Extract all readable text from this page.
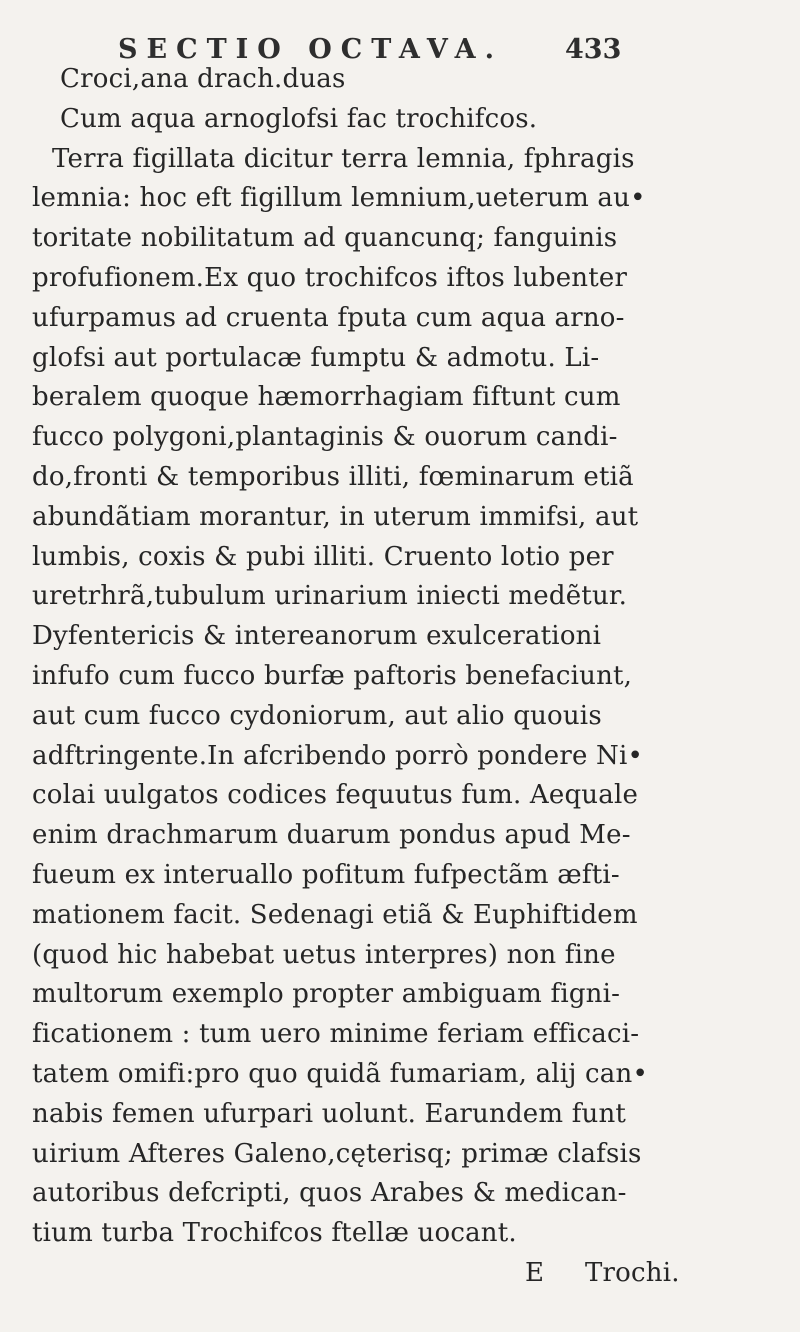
SECTIO OCTAVA. 433
Croci,ana drach.duas
Cum aqua arnoglofsi fac trochifcos.
Terra figillata dicitur terra lemnia, fphragis
lemnia: hoc eft figillum lemnium,ueterum au•
toritate nobilitatum ad quancunq; fanguinis
profufionem.Ex quo trochifcos iftos lubenter
ufurpamus ad cruenta fputa cum aqua arno-
glofsi aut portulacæ fumptu & admotu. Li-
beralem quoque hæmorrhagiam fiftunt cum
fucco polygoni,plantaginis & ouorum candi-
do,fronti & temporibus illiti, fœminarum etiã
abundãtiam morantur, in uterum immifsi, aut
lumbis, coxis & pubi illiti. Cruento lotio per
uretrhrã,tubulum urinarium iniecti medẽtur.
Dyfentericis & intereanorum exulcerationi
infufo cum fucco burfæ paftoris benefaciunt,
aut cum fucco cydoniorum, aut alio quouis
adftringente.In afcribendo porrò pondere Ni•
colai uulgatos codices fequutus fum. Aequale
enim drachmarum duarum pondus apud Me-
fueum ex interuallo pofitum fufpectãm æfti-
mationem facit. Sedenagi etiã & Euphiftidem
(quod hic habebat uetus interpres) non fine
multorum exemplo propter ambiguam figni-
ficationem : tum uero minime feriam efficaci-
tatem omifi:pro quo quidã fumariam, alij can•
nabis femen ufurpari uolunt. Earundem funt
uirium Afteres Galeno,cęterisq; primæ clafsis
autoribus defcripti, quos Arabes & medican-
tium turba Trochifcos ftellæ uocant.
E Trochi.
